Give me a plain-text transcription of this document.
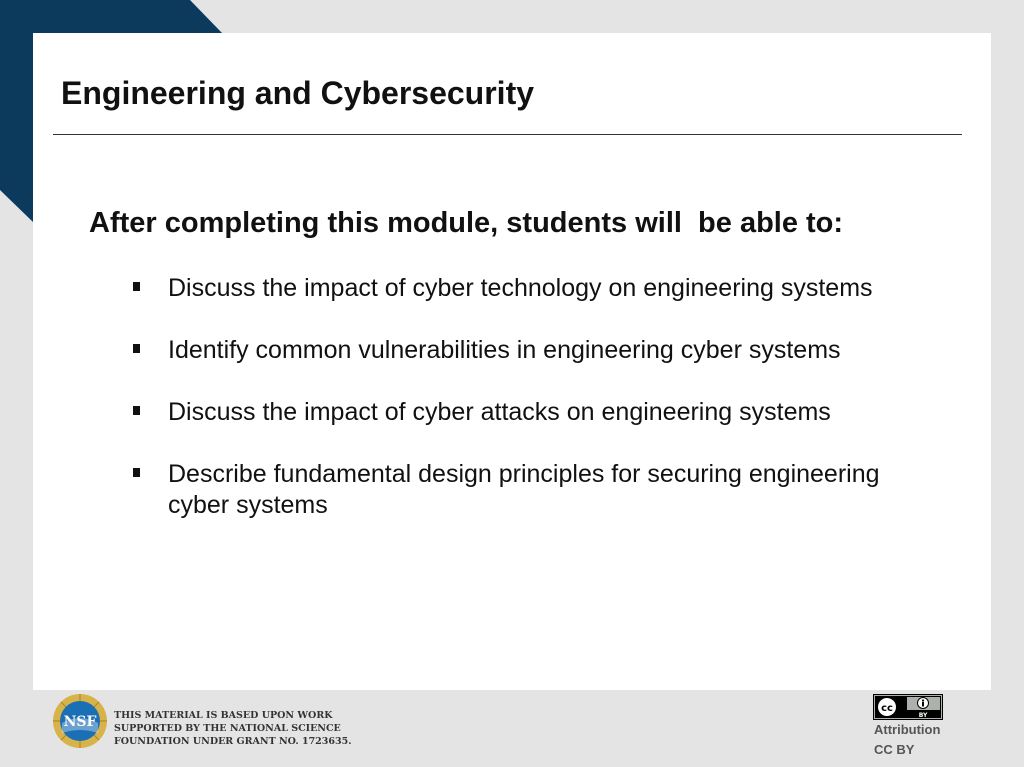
Engineering and Cybersecurity
After completing this module, students will  be able to:
Discuss the impact of cyber technology on engineering systems
Identify common vulnerabilities in engineering cyber systems
Discuss the impact of cyber attacks on engineering systems
Describe fundamental design principles for securing engineering cyber systems
NSF THIS MATERIAL IS BASED UPON WORK
SUPPORTED BY THE NATIONAL SCIENCE
FOUNDATION UNDER GRANT NO. 1723635.
cc
BY
Attribution
CC BY
